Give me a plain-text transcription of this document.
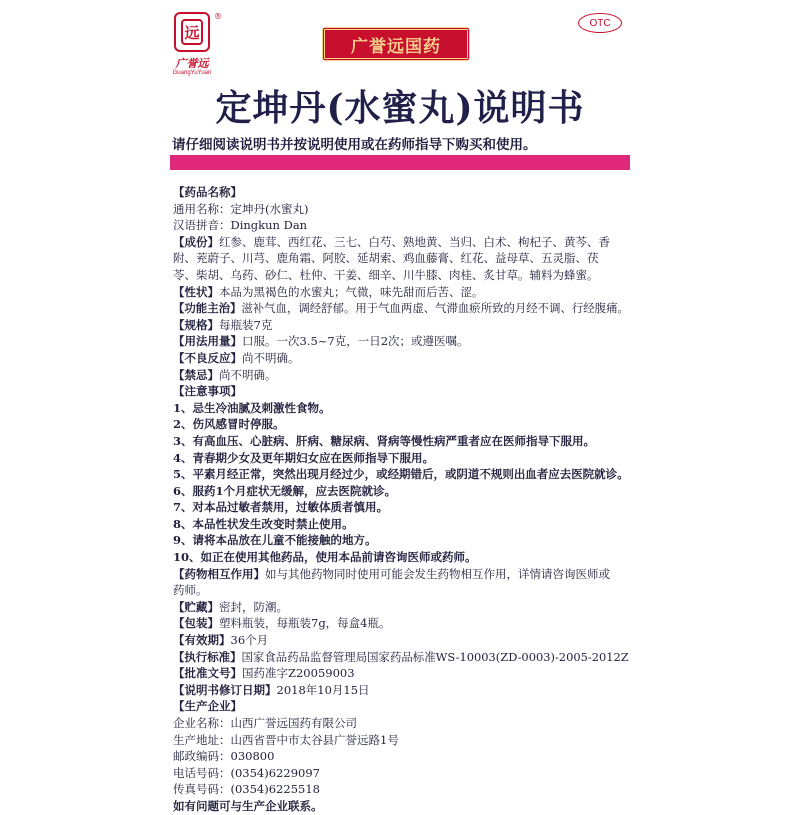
远
®
广誉远
GuangYuYuan
广誉远国药
OTC
定坤丹(水蜜丸)说明书
请仔细阅读说明书并按说明使用或在药师指导下购买和使用。
【药品名称】
通用名称：定坤丹(水蜜丸)
汉语拼音：Dingkun Dan
【成份】红参、鹿茸、西红花、三七、白芍、熟地黄、当归、白术、枸杞子、黄芩、香
附、茺蔚子、川芎、鹿角霜、阿胶、延胡索、鸡血藤膏、红花、益母草、五灵脂、茯
苓、柴胡、乌药、砂仁、杜仲、干姜、细辛、川牛膝、肉桂、炙甘草。辅料为蜂蜜。
【性状】本品为黑褐色的水蜜丸；气微，味先甜而后苦、涩。
【功能主治】滋补气血，调经舒郁。用于气血两虚、气滞血瘀所致的月经不调、行经腹痛。
【规格】每瓶装7克
【用法用量】口服。一次3.5~7克，一日2次；或遵医嘱。
【不良反应】尚不明确。
【禁忌】尚不明确。
【注意事项】
1、忌生冷油腻及刺激性食物。
2、伤风感冒时停服。
3、有高血压、心脏病、肝病、糖尿病、肾病等慢性病严重者应在医师指导下服用。
4、青春期少女及更年期妇女应在医师指导下服用。
5、平素月经正常，突然出现月经过少，或经期错后，或阴道不规则出血者应去医院就诊。
6、服药1个月症状无缓解，应去医院就诊。
7、对本品过敏者禁用，过敏体质者慎用。
8、本品性状发生改变时禁止使用。
9、请将本品放在儿童不能接触的地方。
10、如正在使用其他药品，使用本品前请咨询医师或药师。
【药物相互作用】如与其他药物同时使用可能会发生药物相互作用，详情请咨询医师或
药师。
【贮藏】密封，防潮。
【包装】塑料瓶装，每瓶装7g，每盒4瓶。
【有效期】36个月
【执行标准】国家食品药品监督管理局国家药品标准WS-10003(ZD-0003)-2005-2012Z
【批准文号】国药准字Z20059003
【说明书修订日期】2018年10月15日
【生产企业】
企业名称：山西广誉远国药有限公司
生产地址：山西省晋中市太谷县广誉远路1号
邮政编码：030800
电话号码：(0354)6229097
传真号码：(0354)6225518
如有问题可与生产企业联系。
